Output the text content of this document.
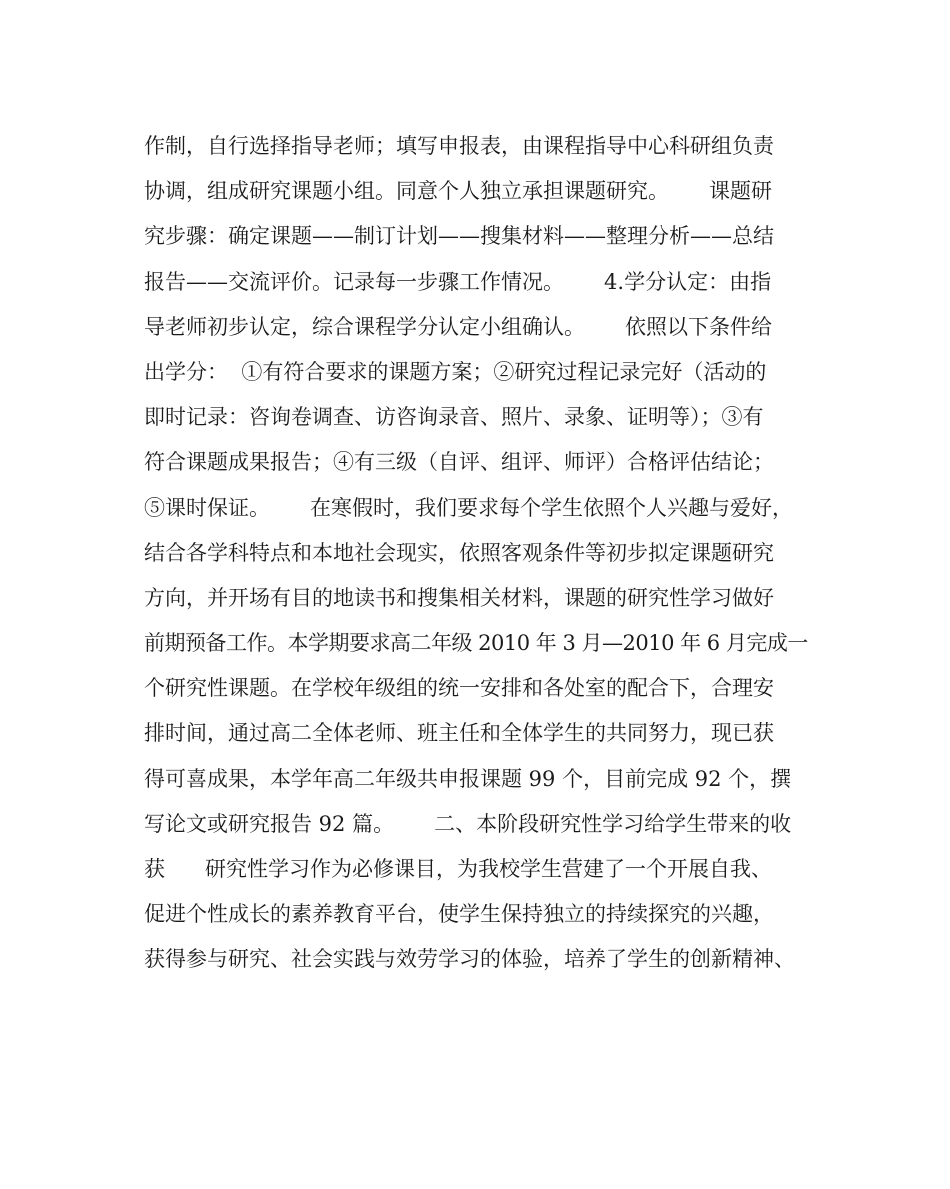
作制，自行选择指导老师；填写申报表，由课程指导中心科研组负责
协调，组成研究课题小组。同意个人独立承担课题研究。      课题研
究步骤：确定课题——制订计划——搜集材料——整理分析——总结
报告——交流评价。记录每一步骤工作情况。      4.学分认定：由指
导老师初步认定，综合课程学分认定小组确认。      依照以下条件给
出学分：  ①有符合要求的课题方案；②研究过程记录完好（活动的
即时记录：咨询卷调查、访咨询录音、照片、录象、证明等）；③有
符合课题成果报告；④有三级（自评、组评、师评）合格评估结论；
⑤课时保证。      在寒假时，我们要求每个学生依照个人兴趣与爱好，
结合各学科特点和本地社会现实，依照客观条件等初步拟定课题研究
方向，并开场有目的地读书和搜集相关材料，课题的研究性学习做好
前期预备工作。本学期要求高二年级 2010 年 3 月—2010 年 6 月完成一
个研究性课题。在学校年级组的统一安排和各处室的配合下，合理安
排时间，通过高二全体老师、班主任和全体学生的共同努力，现已获
得可喜成果，本学年高二年级共申报课题 99 个，目前完成 92 个，撰
写论文或研究报告 92 篇。      二、本阶段研究性学习给学生带来的收
获      研究性学习作为必修课目，为我校学生营建了一个开展自我、
促进个性成长的素养教育平台，使学生保持独立的持续探究的兴趣，
获得参与研究、社会实践与效劳学习的体验，培养了学生的创新精神、
